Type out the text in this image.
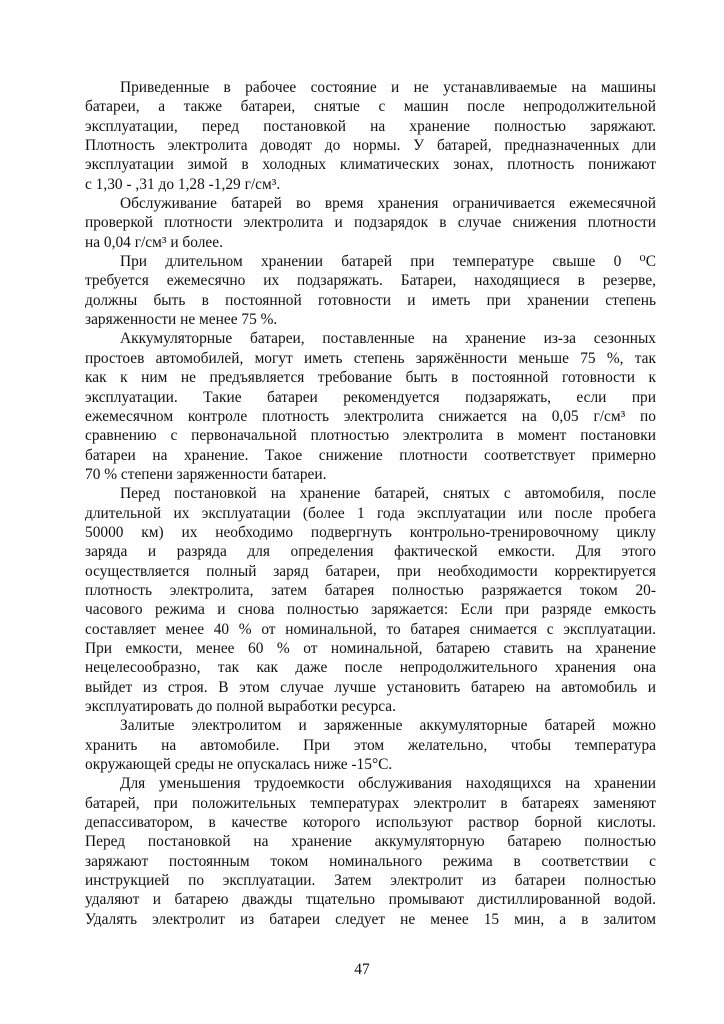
Приведенные в рабочее состояние и не устанавливаемые на машины
батареи, а также батареи, снятые с машин после непродолжительной
эксплуатации, перед постановкой на хранение полностью заряжают.
Плотность электролита доводят до нормы. У батарей, предназначенных дли
эксплуатации зимой в холодных климатических зонах, плотность понижают
с 1,30 - ,31 до 1,28 -1,29 г/см³.
Обслуживание батарей во время хранения ограничивается ежемесячной
проверкой плотности электролита и подзарядок в случае снижения плотности
на 0,04 г/см³ и более.
При длительном хранении батарей при температуре свыше 0 ⁰С
требуется ежемесячно их подзаряжать. Батареи, находящиеся в резерве,
должны быть в постоянной готовности и иметь при хранении степень
заряженности не менее 75 %.
Аккумуляторные батареи, поставленные на хранение из-за сезонных
простоев автомобилей, могут иметь степень заряжённости меньше 75 %, так
как к ним не предъявляется требование быть в постоянной готовности к
эксплуатации. Такие батареи рекомендуется подзаряжать, если при
ежемесячном контроле плотность электролита снижается на 0,05 г/см³ по
сравнению с первоначальной плотностью электролита в момент постановки
батареи на хранение. Такое снижение плотности соответствует примерно
70 % степени заряженности батареи.
Перед постановкой на хранение батарей, снятых с автомобиля, после
длительной их эксплуатации (более 1 года эксплуатации или после пробега
50000 км) их необходимо подвергнуть контрольно-тренировочному циклу
заряда и разряда для определения фактической емкости. Для этого
осуществляется полный заряд батареи, при необходимости корректируется
плотность электролита, затем батарея полностью разряжается током 20-
часового режима и снова полностью заряжается: Если при разряде емкость
составляет менее 40 % от номинальной, то батарея снимается с эксплуатации.
При емкости, менее 60 % от номинальной, батарею ставить на хранение
нецелесообразно, так как даже после непродолжительного хранения она
выйдет из строя. В этом случае лучше установить батарею на автомобиль и
эксплуатировать до полной выработки ресурса.
Залитые электролитом и заряженные аккумуляторные батарей можно
хранить на автомобиле. При этом желательно, чтобы температура
окружающей среды не опускалась ниже -15°С.
Для уменьшения трудоемкости обслуживания находящихся на хранении
батарей, при положительных температурах электролит в батареях заменяют
депассиватором, в качестве которого используют раствор борной кислоты.
Перед постановкой на хранение аккумуляторную батарею полностью
заряжают постоянным током номинального режима в соответствии с
инструкцией по эксплуатации. Затем электролит из батареи полностью
удаляют и батарею дважды тщательно промывают дистиллированной водой.
Удалять электролит из батареи следует не менее 15 мин, а в залитом
47
